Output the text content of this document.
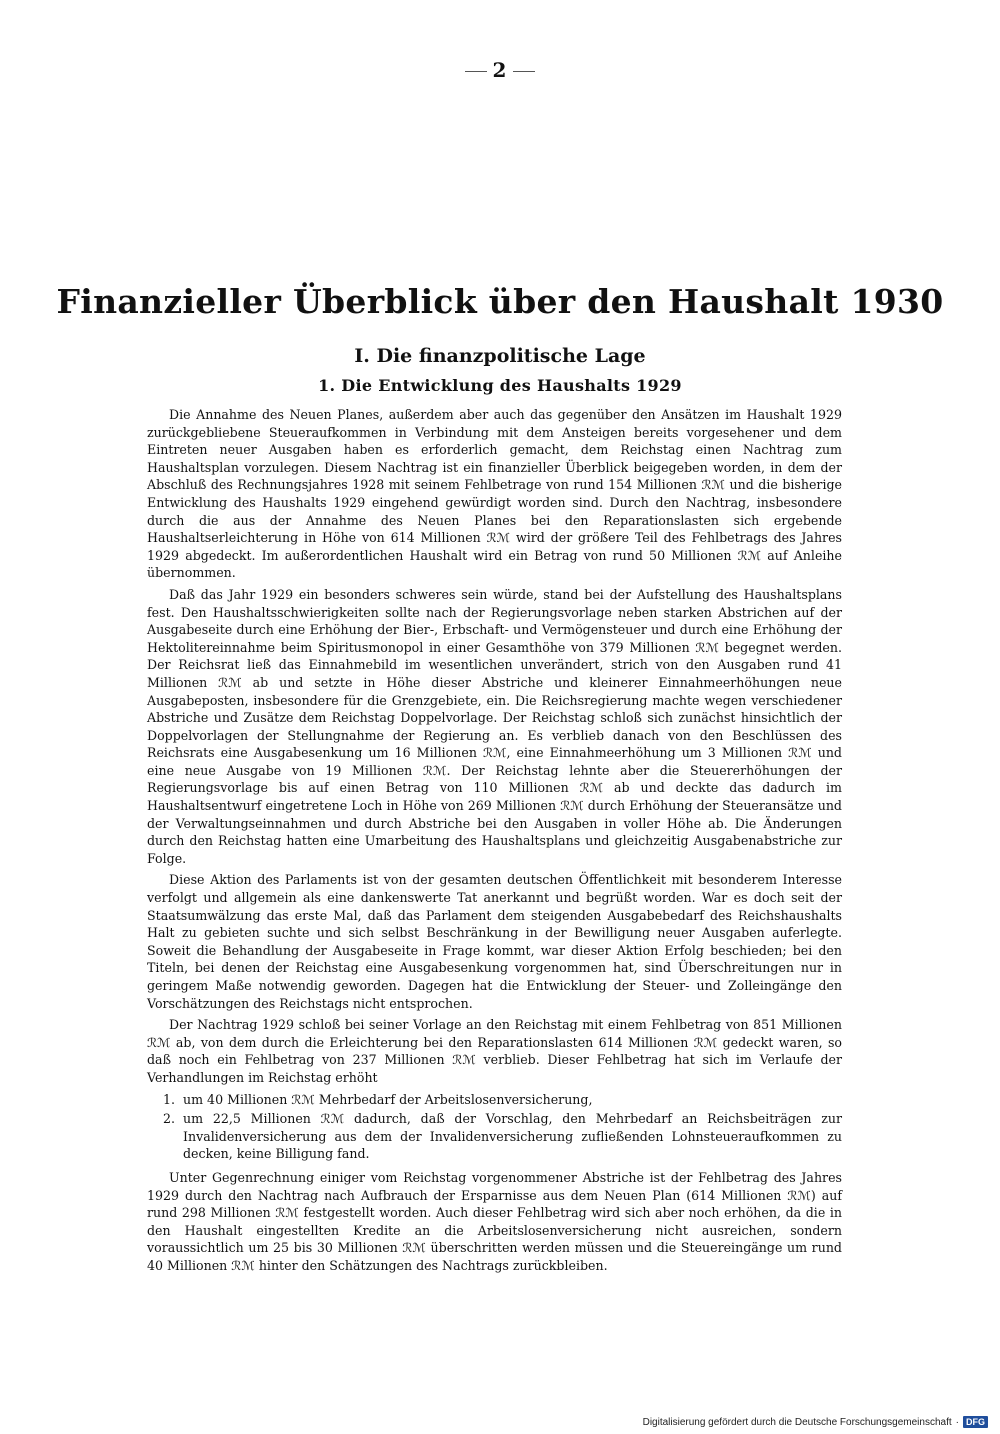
2
Finanzieller Überblick über den Haushalt 1930
I. Die finanzpolitische Lage
1. Die Entwicklung des Haushalts 1929

Die Annahme des Neuen Planes, außerdem aber auch das gegenüber den Ansätzen im Haushalt 1929 zurückgebliebene Steueraufkommen in Verbindung mit dem Ansteigen bereits vorgesehener und dem Eintreten neuer Ausgaben haben es erforderlich gemacht, dem Reichstag einen Nachtrag zum Haushaltsplan vorzulegen. Diesem Nachtrag ist ein finanzieller Überblick beigegeben worden, in dem der Abschluß des Rechnungsjahres 1928 mit seinem Fehlbetrage von rund 154 Millionen ℛℳ und die bisherige Entwicklung des Haushalts 1929 eingehend gewürdigt worden sind. Durch den Nachtrag, insbesondere durch die aus der Annahme des Neuen Planes bei den Reparationslasten sich ergebende Haushaltserleichterung in Höhe von 614 Millionen ℛℳ wird der größere Teil des Fehlbetrags des Jahres 1929 abgedeckt. Im außerordentlichen Haushalt wird ein Betrag von rund 50 Millionen ℛℳ auf Anleihe übernommen.

Daß das Jahr 1929 ein besonders schweres sein würde, stand bei der Aufstellung des Haushaltsplans fest. Den Haushaltsschwierigkeiten sollte nach der Regierungsvorlage neben starken Abstrichen auf der Ausgabeseite durch eine Erhöhung der Bier-, Erbschaft- und Vermögensteuer und durch eine Erhöhung der Hektolitereinnahme beim Spiritusmonopol in einer Gesamthöhe von 379 Millionen ℛℳ begegnet werden. Der Reichsrat ließ das Einnahmebild im wesentlichen unverändert, strich von den Ausgaben rund 41 Millionen ℛℳ ab und setzte in Höhe dieser Abstriche und kleinerer Einnahmeerhöhungen neue Ausgabeposten, insbesondere für die Grenzgebiete, ein. Die Reichsregierung machte wegen verschiedener Abstriche und Zusätze dem Reichstag Doppelvorlage. Der Reichstag schloß sich zunächst hinsichtlich der Doppelvorlagen der Stellungnahme der Regierung an. Es verblieb danach von den Beschlüssen des Reichsrats eine Ausgabesenkung um 16 Millionen ℛℳ, eine Einnahmeerhöhung um 3 Millionen ℛℳ und eine neue Ausgabe von 19 Millionen ℛℳ. Der Reichstag lehnte aber die Steuererhöhungen der Regierungsvorlage bis auf einen Betrag von 110 Millionen ℛℳ ab und deckte das dadurch im Haushaltsentwurf eingetretene Loch in Höhe von 269 Millionen ℛℳ durch Erhöhung der Steueransätze und der Verwaltungseinnahmen und durch Abstriche bei den Ausgaben in voller Höhe ab. Die Änderungen durch den Reichstag hatten eine Umarbeitung des Haushaltsplans und gleichzeitig Ausgabenabstriche zur Folge.

Diese Aktion des Parlaments ist von der gesamten deutschen Öffentlichkeit mit besonderem Interesse verfolgt und allgemein als eine dankenswerte Tat anerkannt und begrüßt worden. War es doch seit der Staatsumwälzung das erste Mal, daß das Parlament dem steigenden Ausgabebedarf des Reichshaushalts Halt zu gebieten suchte und sich selbst Beschränkung in der Bewilligung neuer Ausgaben auferlegte. Soweit die Behandlung der Ausgabeseite in Frage kommt, war dieser Aktion Erfolg beschieden; bei den Titeln, bei denen der Reichstag eine Ausgabesenkung vorgenommen hat, sind Überschreitungen nur in geringem Maße notwendig geworden. Dagegen hat die Entwicklung der Steuer- und Zolleingänge den Vorschätzungen des Reichstags nicht entsprochen.

Der Nachtrag 1929 schloß bei seiner Vorlage an den Reichstag mit einem Fehlbetrag von 851 Millionen ℛℳ ab, von dem durch die Erleichterung bei den Reparationslasten 614 Millionen ℛℳ gedeckt waren, so daß noch ein Fehlbetrag von 237 Millionen ℛℳ verblieb. Dieser Fehlbetrag hat sich im Verlaufe der Verhandlungen im Reichstag erhöht

1. um 40 Millionen ℛℳ Mehrbedarf der Arbeitslosenversicherung,
2. um 22,5 Millionen ℛℳ dadurch, daß der Vorschlag, den Mehrbedarf an Reichsbeiträgen zur Invalidenversicherung aus dem der Invalidenversicherung zufließenden Lohnsteueraufkommen zu decken, keine Billigung fand.

Unter Gegenrechnung einiger vom Reichstag vorgenommener Abstriche ist der Fehlbetrag des Jahres 1929 durch den Nachtrag nach Aufbrauch der Ersparnisse aus dem Neuen Plan (614 Millionen ℛℳ) auf rund 298 Millionen ℛℳ festgestellt worden. Auch dieser Fehlbetrag wird sich aber noch erhöhen, da die in den Haushalt eingestellten Kredite an die Arbeitslosenversicherung nicht ausreichen, sondern voraussichtlich um 25 bis 30 Millionen ℛℳ überschritten werden müssen und die Steuereingänge um rund 40 Millionen ℛℳ hinter den Schätzungen des Nachtrags zurückbleiben.

Digitalisierung gefördert durch die Deutsche Forschungsgemeinschaft · DFG
